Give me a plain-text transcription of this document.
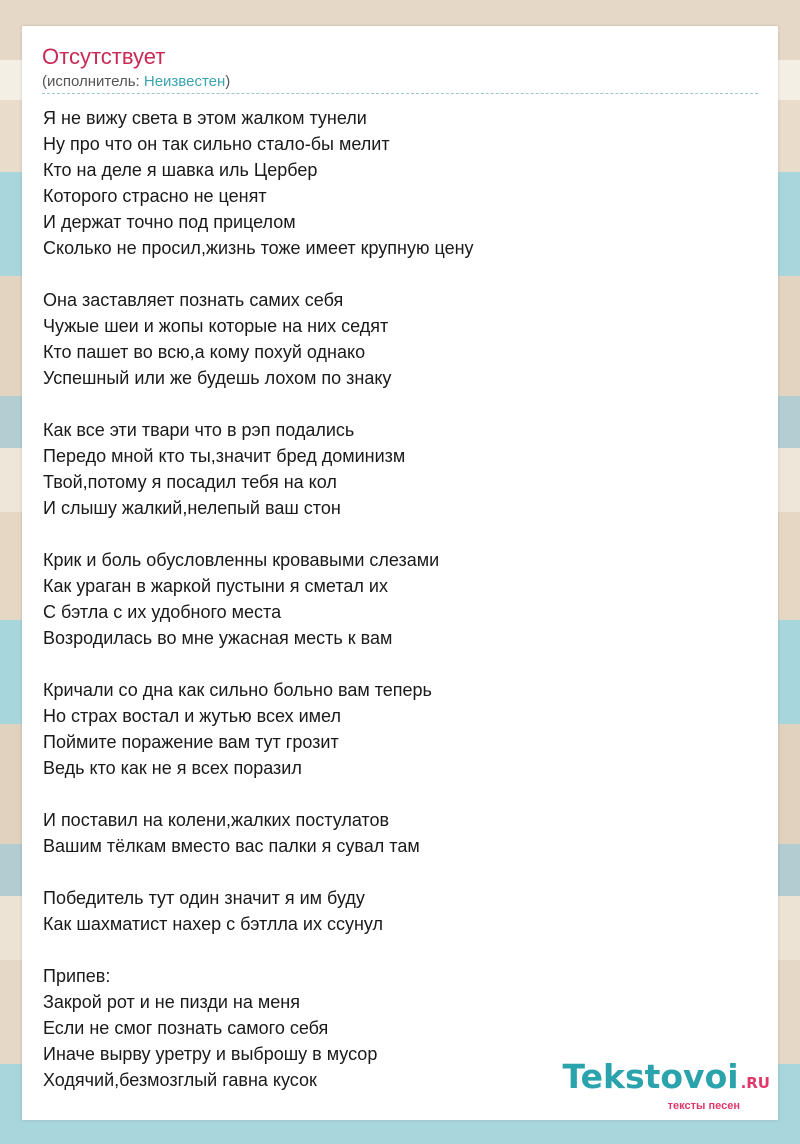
Отсутствует
(исполнитель: Неизвестен)
Я не вижу света в этом жалком тунели
Ну про что он так сильно стало-бы мелит
Кто на деле я шавка иль Цербер
Которого страсно не ценят
И держат точно под прицелом
Сколько не просил,жизнь тоже имеет крупную цену
Она заставляет познать самих себя
Чужые шеи и жопы которые на них седят
Кто пашет во всю,а кому похуй однако
Успешный или же будешь лохом по знаку
Как все эти твари что в рэп подались
Передо мной кто ты,значит бред доминизм
Твой,потому я посадил тебя на кол
И слышу жалкий,нелепый ваш стон
Крик и боль обусловленны кровавыми слезами
Как ураган в жаркой пустыни я сметал их
С бэтла с их удобного места
Возродилась во мне ужасная месть к вам
Кричали со дна как сильно больно вам теперь
Но страх востал и жутью всех имел
Поймите поражение вам тут грозит
Ведь кто как не я всех поразил
И поставил на колени,жалких постулатов
Вашим тёлкам вместо вас палки я сувал там
Победитель тут один значит я им буду
Как шахматист нахер с бэтлла их ссунул
Припев:
Закрой рот и не пизди на меня
Если не смог познать самого себя
Иначе вырву уретру и выброшу в мусор
Ходячий,безмозглый гавна кусок	Tekstovoi .RU
тексты песен
